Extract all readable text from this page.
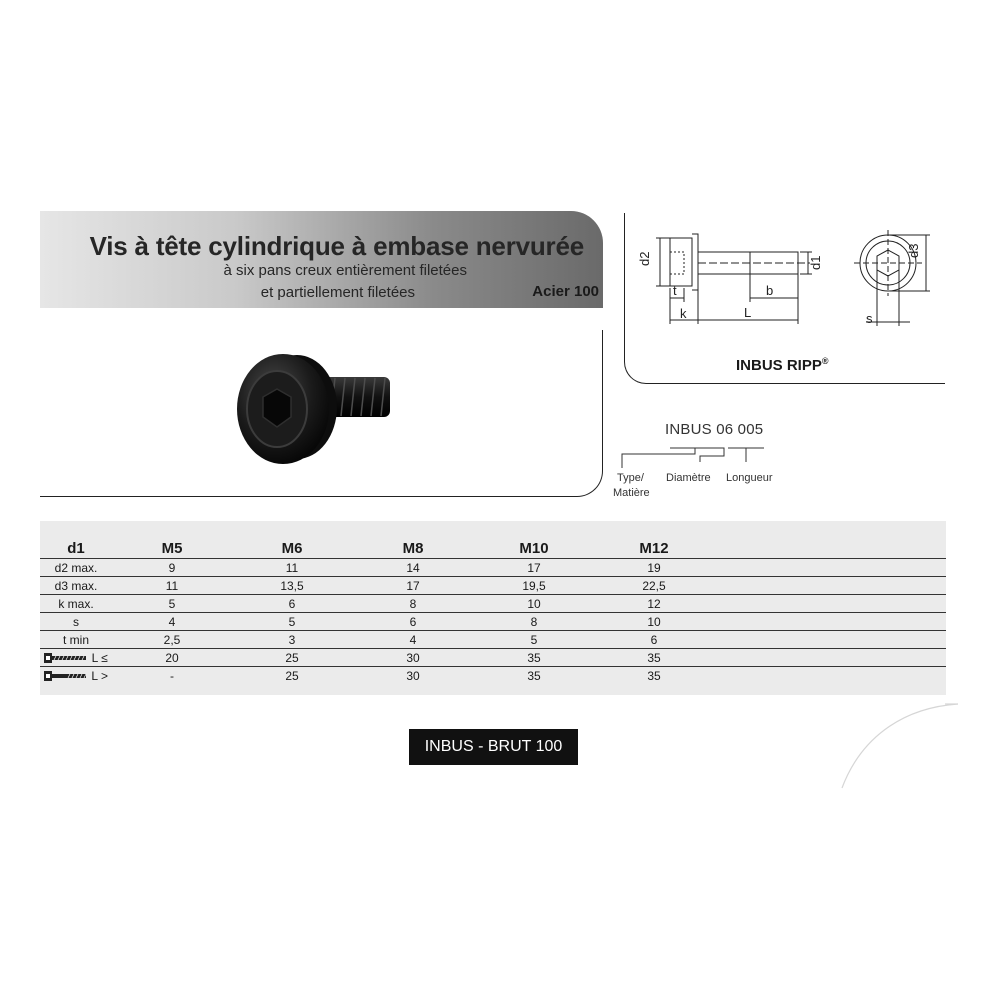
Vis à tête cylindrique à embase nervurée
à six pans creux entièrement filetées
et partiellement filetées	Acier 100
d2	d1
d3
t
k
b
L	s
INBUS RIPP®
INBUS 06 005
Type/
Matière
Diamètre Longueur
d1	M5	M6	M8	M10	M12	
d2 max.	9	11	14	17	19	
d3 max.	11	13,5	17	19,5	22,5	
k max.	5	6	8	10	12	
s	4	5	6	8	10	
t min	2,5	3	4	5	6	
L ≤	20	25	30	35	35	
L >	-	25	30	35	35	
INBUS - BRUT 100
